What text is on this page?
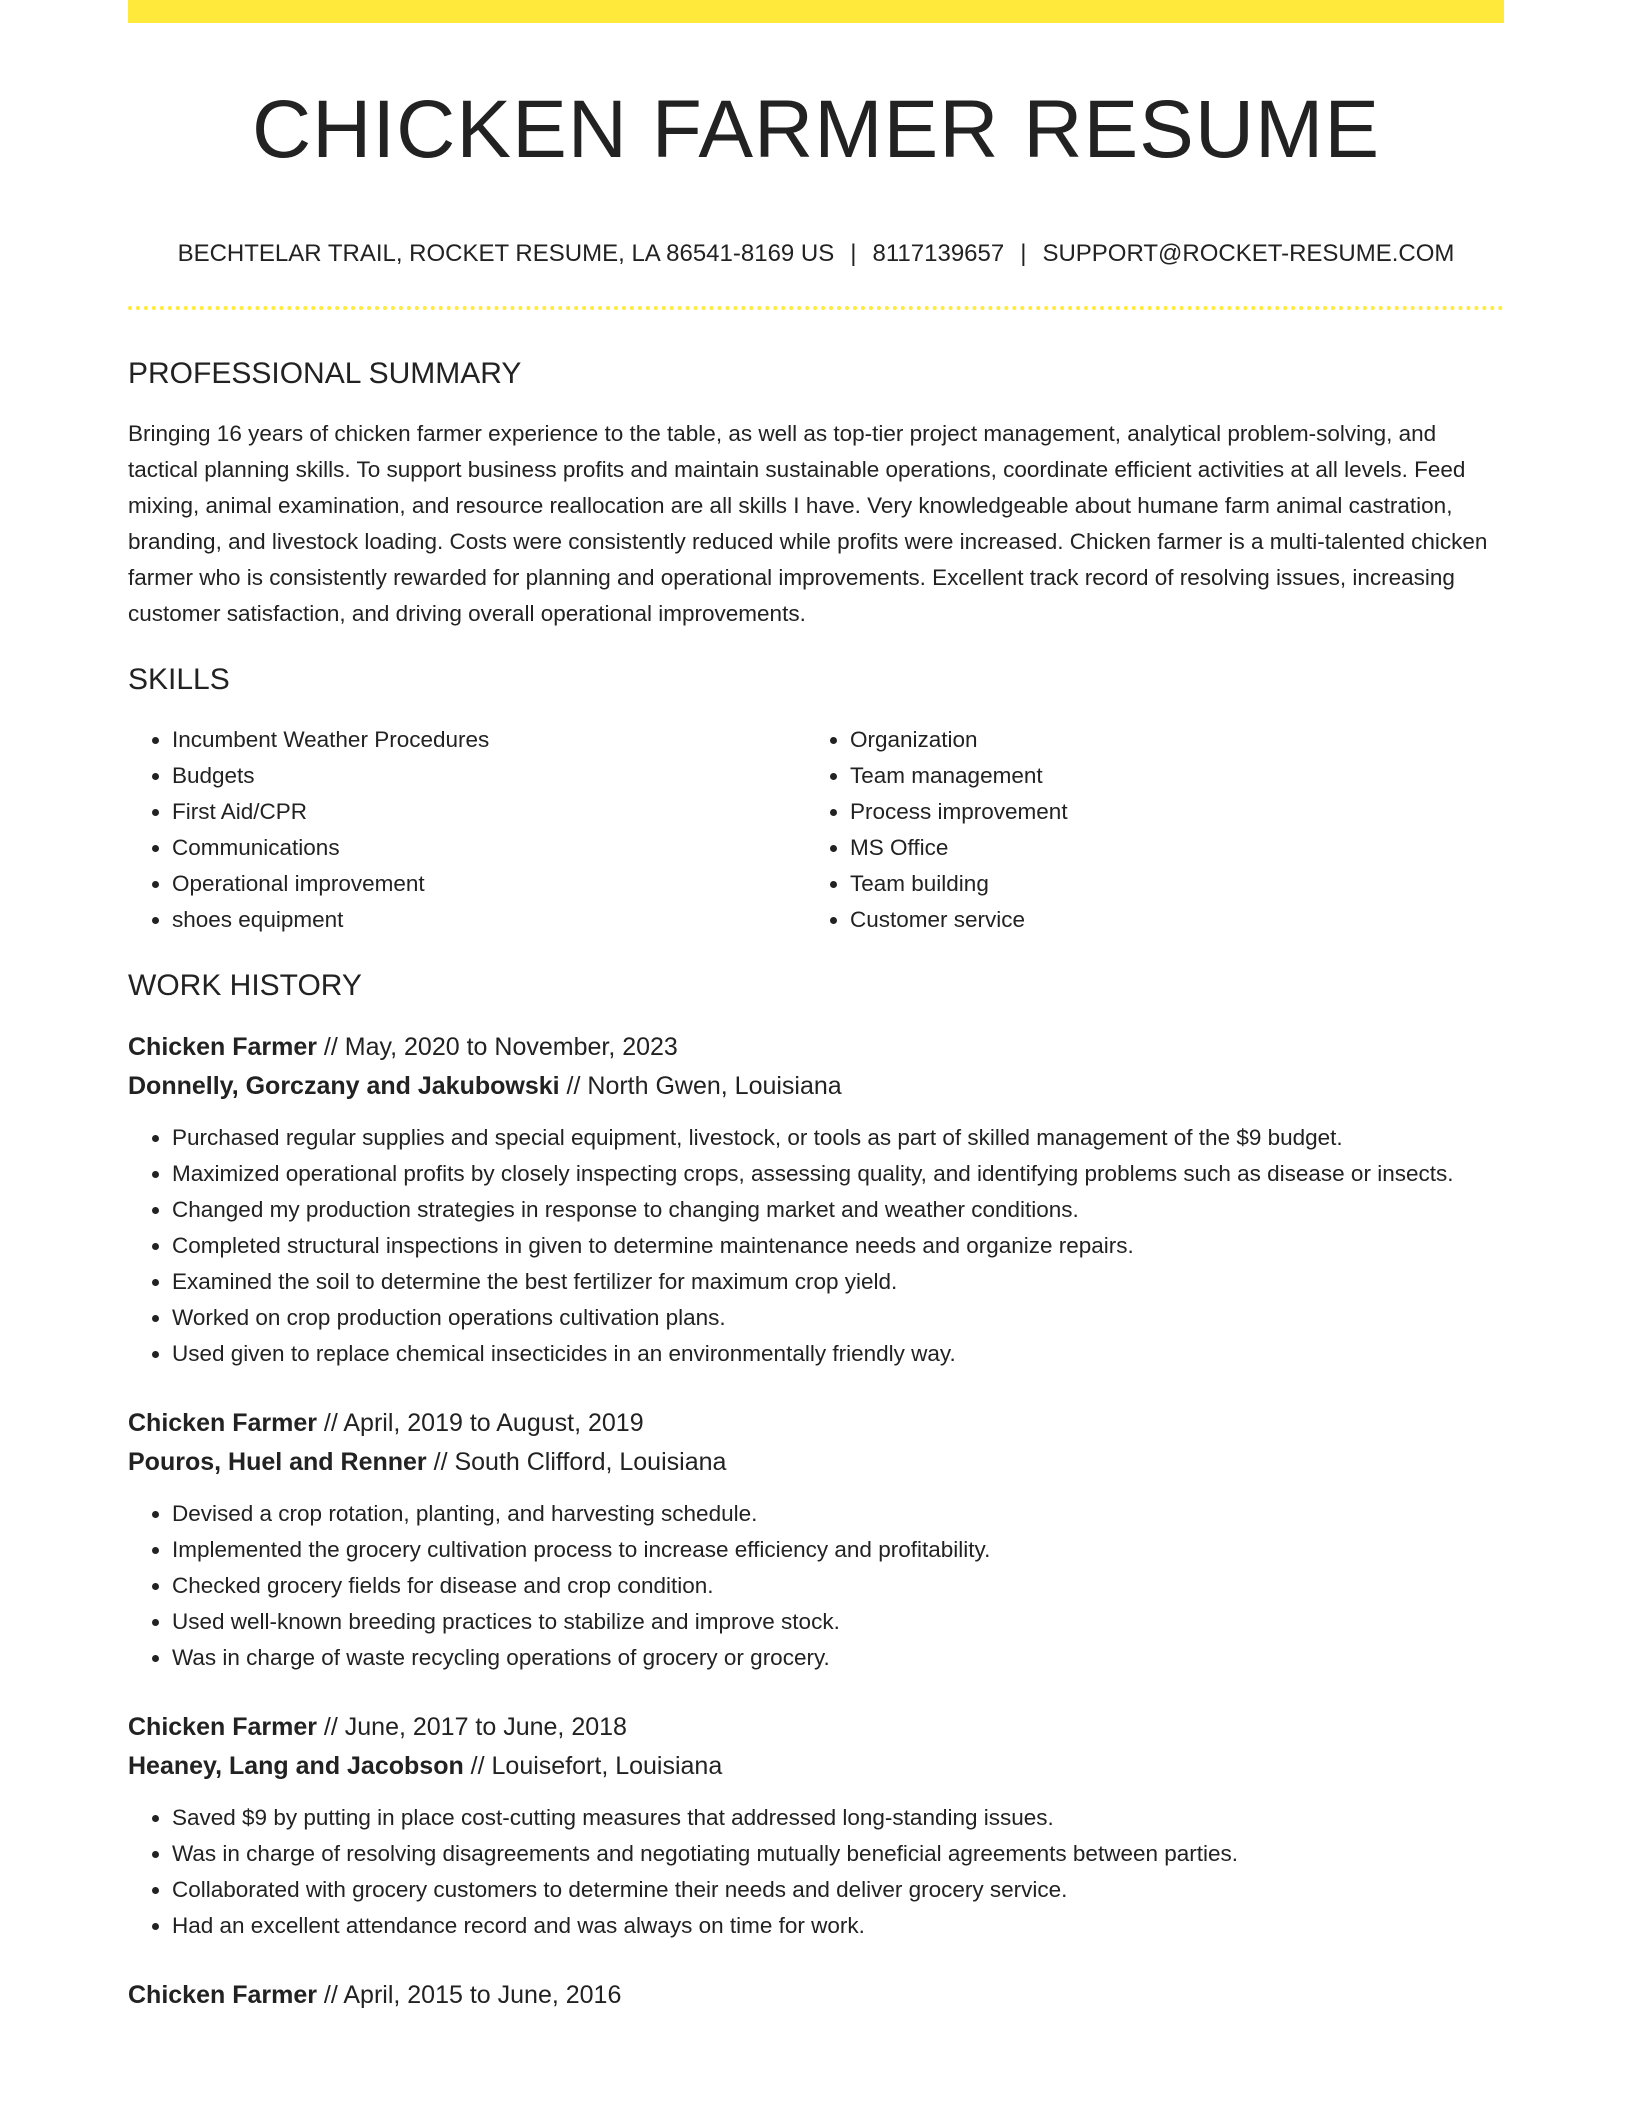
CHICKEN FARMER RESUME
BECHTELAR TRAIL, ROCKET RESUME, LA 86541-8169 US | 8117139657 | SUPPORT@ROCKET-RESUME.COM
PROFESSIONAL SUMMARY

Bringing 16 years of chicken farmer experience to the table, as well as top-tier project management, analytical problem-solving, and tactical planning skills. To support business profits and maintain sustainable operations, coordinate efficient activities at all levels. Feed mixing, animal examination, and resource reallocation are all skills I have. Very knowledgeable about humane farm animal castration, branding, and livestock loading. Costs were consistently reduced while profits were increased. Chicken farmer is a multi-talented chicken farmer who is consistently rewarded for planning and operational improvements. Excellent track record of resolving issues, increasing customer satisfaction, and driving overall operational improvements.

SKILLS
• Incumbent Weather Procedures
• Budgets
• First Aid/CPR
• Communications
• Operational improvement
• shoes equipment
• Organization
• Team management
• Process improvement
• MS Office
• Team building
• Customer service
WORK HISTORY
Chicken Farmer // May, 2020 to November, 2023
Donnelly, Gorczany and Jakubowski // North Gwen, Louisiana
• Purchased regular supplies and special equipment, livestock, or tools as part of skilled management of the $9 budget.
• Maximized operational profits by closely inspecting crops, assessing quality, and identifying problems such as disease or insects.
• Changed my production strategies in response to changing market and weather conditions.
• Completed structural inspections in given to determine maintenance needs and organize repairs.
• Examined the soil to determine the best fertilizer for maximum crop yield.
• Worked on crop production operations cultivation plans.
• Used given to replace chemical insecticides in an environmentally friendly way.
Chicken Farmer // April, 2019 to August, 2019
Pouros, Huel and Renner // South Clifford, Louisiana
• Devised a crop rotation, planting, and harvesting schedule.
• Implemented the grocery cultivation process to increase efficiency and profitability.
• Checked grocery fields for disease and crop condition.
• Used well-known breeding practices to stabilize and improve stock.
• Was in charge of waste recycling operations of grocery or grocery.
Chicken Farmer // June, 2017 to June, 2018
Heaney, Lang and Jacobson // Louisefort, Louisiana
• Saved $9 by putting in place cost-cutting measures that addressed long-standing issues.
• Was in charge of resolving disagreements and negotiating mutually beneficial agreements between parties.
• Collaborated with grocery customers to determine their needs and deliver grocery service.
• Had an excellent attendance record and was always on time for work.
Chicken Farmer // April, 2015 to June, 2016
